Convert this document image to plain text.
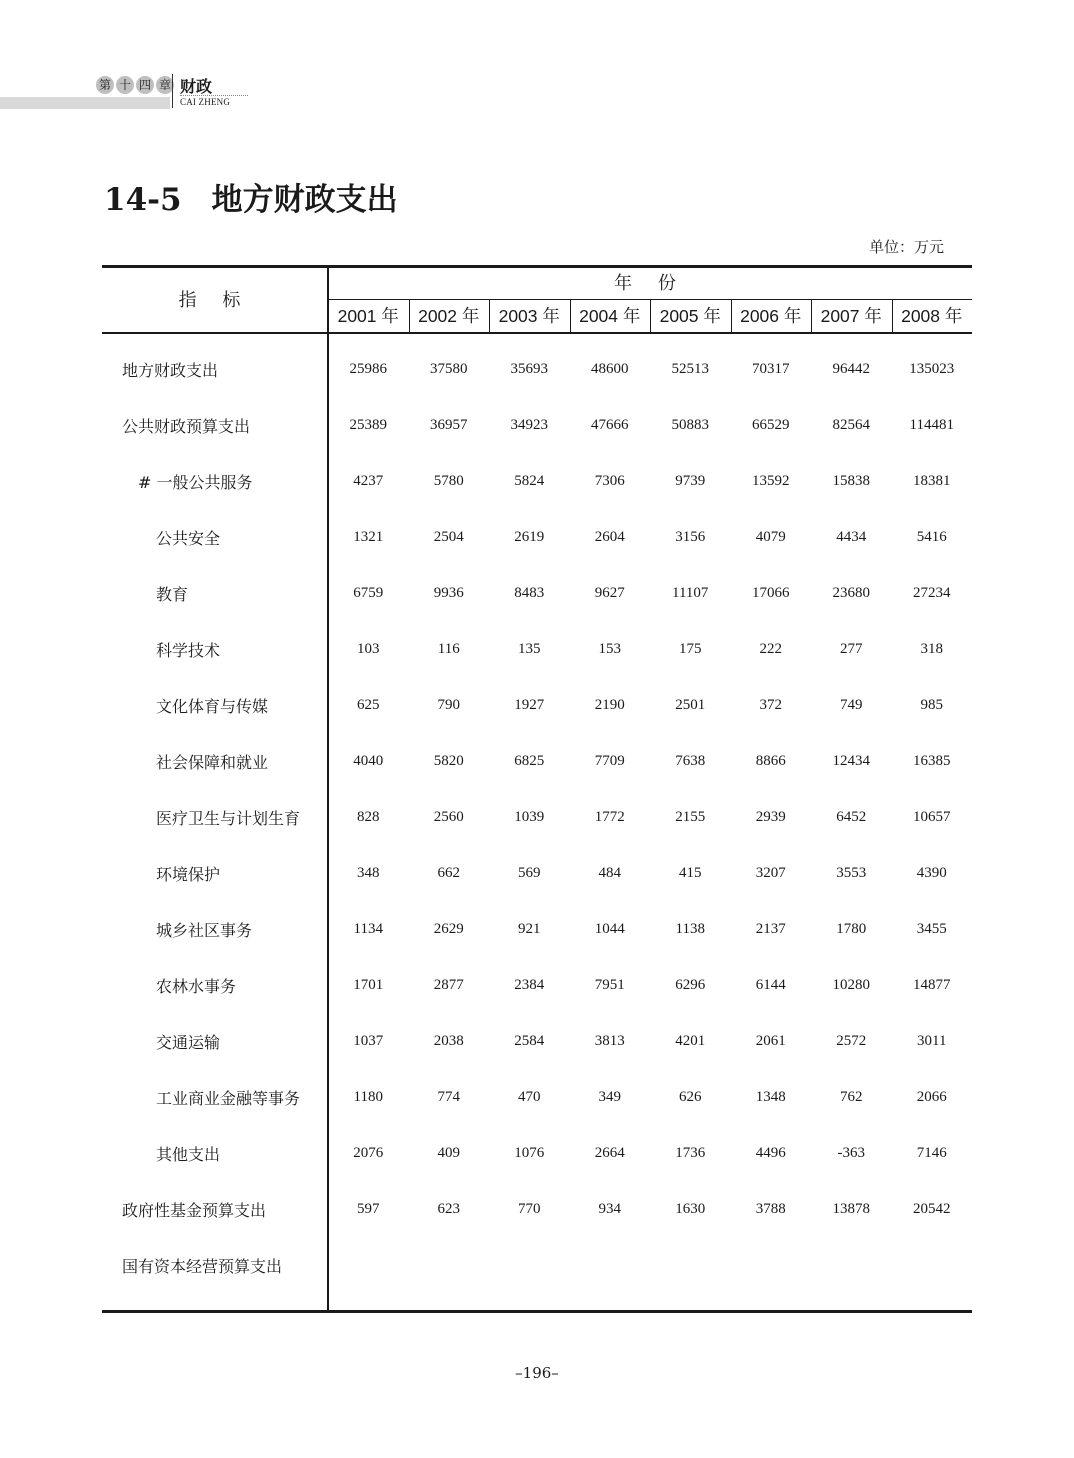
第 十 四 章 财政
CAI ZHENG
14-5 地方财政支出
单位：万元
指 标
年 份
2001 年	2002 年	2003 年	2004 年	2005 年	2006 年	2007 年	2008 年
地方财政支出	25986	37580	35693	48600	52513	70317	96442	135023
公共财政预算支出	25389	36957	34923	47666	50883	66529	82564	114481
# 一般公共服务	4237	5780	5824	7306	9739	13592	15838	18381
公共安全	1321	2504	2619	2604	3156	4079	4434	5416
教育	6759	9936	8483	9627	11107	17066	23680	27234
科学技术	103	116	135	153	175	222	277	318
文化体育与传媒	625	790	1927	2190	2501	372	749	985
社会保障和就业	4040	5820	6825	7709	7638	8866	12434	16385
医疗卫生与计划生育	828	2560	1039	1772	2155	2939	6452	10657
环境保护	348	662	569	484	415	3207	3553	4390
城乡社区事务	1134	2629	921	1044	1138	2137	1780	3455
农林水事务	1701	2877	2384	7951	6296	6144	10280	14877
交通运输	1037	2038	2584	3813	4201	2061	2572	3011
工业商业金融等事务	1180	774	470	349	626	1348	762	2066
其他支出	2076	409	1076	2664	1736	4496	-363	7146
政府性基金预算支出	597	623	770	934	1630	3788	13878	20542
国有资本经营预算支出
–196–
